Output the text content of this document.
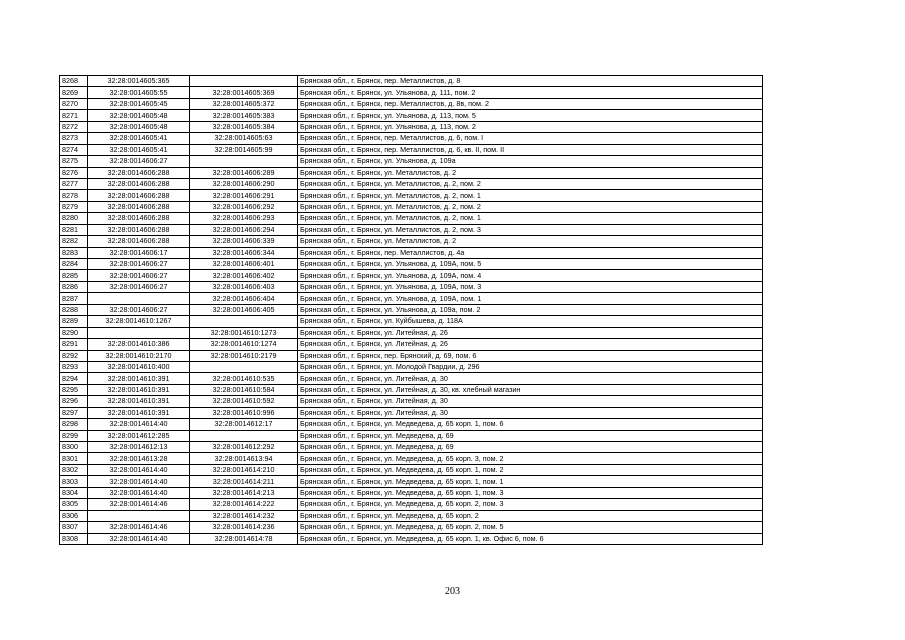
8268	32:28:0014605:365		Брянская обл., г. Брянск, пер. Металлистов, д. 8
8269	32:28:0014605:55	32:28:0014605:369	Брянская обл., г. Брянск, ул. Ульянова, д. 111, пом. 2
8270	32:28:0014605:45	32:28:0014605:372	Брянская обл., г. Брянск, пер. Металлистов, д. 8в, пом. 2
8271	32:28:0014605:48	32:28:0014605:383	Брянская обл., г. Брянск, ул. Ульянова, д. 113, пом. 5
8272	32:28:0014605:48	32:28:0014605:384	Брянская обл., г. Брянск, ул. Ульянова, д. 113, пом. 2
8273	32:28:0014605:41	32:28:0014605:63	Брянская обл., г. Брянск, пер. Металлистов, д. 6, пом. I
8274	32:28:0014605:41	32:28:0014605:99	Брянская обл., г. Брянск, пер. Металлистов, д. 6, кв. II, пом. II
8275	32:28:0014606:27		Брянская обл., г. Брянск, ул. Ульянова, д. 109а
8276	32:28:0014606:288	32:28:0014606:289	Брянская обл., г. Брянск, ул. Металлистов, д. 2
8277	32:28:0014606:288	32:28:0014606:290	Брянская обл., г. Брянск, ул. Металлистов, д. 2, пом. 2
8278	32:28:0014606:288	32:28:0014606:291	Брянская обл., г. Брянск, ул. Металлистов, д. 2, пом. 1
8279	32:28:0014606:288	32:28:0014606:292	Брянская обл., г. Брянск, ул. Металлистов, д. 2, пом. 2
8280	32:28:0014606:288	32:28:0014606:293	Брянская обл., г. Брянск, ул. Металлистов, д. 2, пом. 1
8281	32:28:0014606:288	32:28:0014606:294	Брянская обл., г. Брянск, ул. Металлистов, д. 2, пом. 3
8282	32:28:0014606:288	32:28:0014606:339	Брянская обл., г. Брянск, ул. Металлистов, д. 2
8283	32:28:0014606:17	32:28:0014606:344	Брянская обл., г. Брянск, пер. Металлистов, д. 4а
8284	32:28:0014606:27	32:28:0014606:401	Брянская обл., г. Брянск, ул. Ульянова, д. 109А, пом. 5
8285	32:28:0014606:27	32:28:0014606:402	Брянская обл., г. Брянск, ул. Ульянова, д. 109А, пом. 4
8286	32:28:0014606:27	32:28:0014606:403	Брянская обл., г. Брянск, ул. Ульянова, д. 109А, пом. 3
8287		32:28:0014606:404	Брянская обл., г. Брянск, ул. Ульянова, д. 109А, пом. 1
8288	32:28:0014606:27	32:28:0014606:405	Брянская обл., г. Брянск, ул. Ульянова, д. 109а, пом. 2
8289	32:28:0014610:1267		Брянская обл., г. Брянск, ул. Куйбышева, д. 118А
8290		32:28:0014610:1273	Брянская обл., г. Брянск, ул. Литейная, д. 26
8291	32:28:0014610:386	32:28:0014610:1274	Брянская обл., г. Брянск, ул. Литейная, д. 26
8292	32:28:0014610:2170	32:28:0014610:2179	Брянская обл., г. Брянск, пер. Брянский, д. 69, пом. 6
8293	32:28:0014610:400		Брянская обл., г. Брянск, ул. Молодой Гвардии, д. 296
8294	32:28:0014610:391	32:28:0014610:535	Брянская обл., г. Брянск, ул. Литейная, д. 30
8295	32:28:0014610:391	32:28:0014610:584	Брянская обл., г. Брянск, ул. Литейная, д. 30, кв. хлебный магазин
8296	32:28:0014610:391	32:28:0014610:592	Брянская обл., г. Брянск, ул. Литейная, д. 30
8297	32:28:0014610:391	32:28:0014610:996	Брянская обл., г. Брянск, ул. Литейная, д. 30
8298	32:28:0014614:40	32:28:0014612:17	Брянская обл., г. Брянск, ул. Медведева, д. 65 корп. 1, пом. 6
8299	32:28:0014612:285		Брянская обл., г. Брянск, ул. Медведева, д. 69
8300	32:28:0014612:13	32:28:0014612:292	Брянская обл., г. Брянск, ул. Медведева, д. 69
8301	32:28:0014613:28	32:28:0014613:94	Брянская обл., г. Брянск, ул. Медведева, д. 65 корп. 3, пом. 2
8302	32:28:0014614:40	32:28:0014614:210	Брянская обл., г. Брянск, ул. Медведева, д. 65 корп. 1, пом. 2
8303	32:28:0014614:40	32:28:0014614:211	Брянская обл., г. Брянск, ул. Медведева, д. 65 корп. 1, пом. 1
8304	32:28:0014614:40	32:28:0014614:213	Брянская обл., г. Брянск, ул. Медведева, д. 65 корп. 1, пом. 3
8305	32:28:0014614:46	32:28:0014614:222	Брянская обл., г. Брянск, ул. Медведева, д. 65 корп. 2, пом. 3
8306		32:28:0014614:232	Брянская обл., г. Брянск, ул. Медведева, д. 65 корп. 2
8307	32:28:0014614:46	32:28:0014614:236	Брянская обл., г. Брянск, ул. Медведева, д. 65 корп. 2, пом. 5
8308	32:28:0014614:40	32:28:0014614:78	Брянская обл., г. Брянск, ул. Медведева, д. 65 корп. 1, кв. Офис 6, пом. 6
203
